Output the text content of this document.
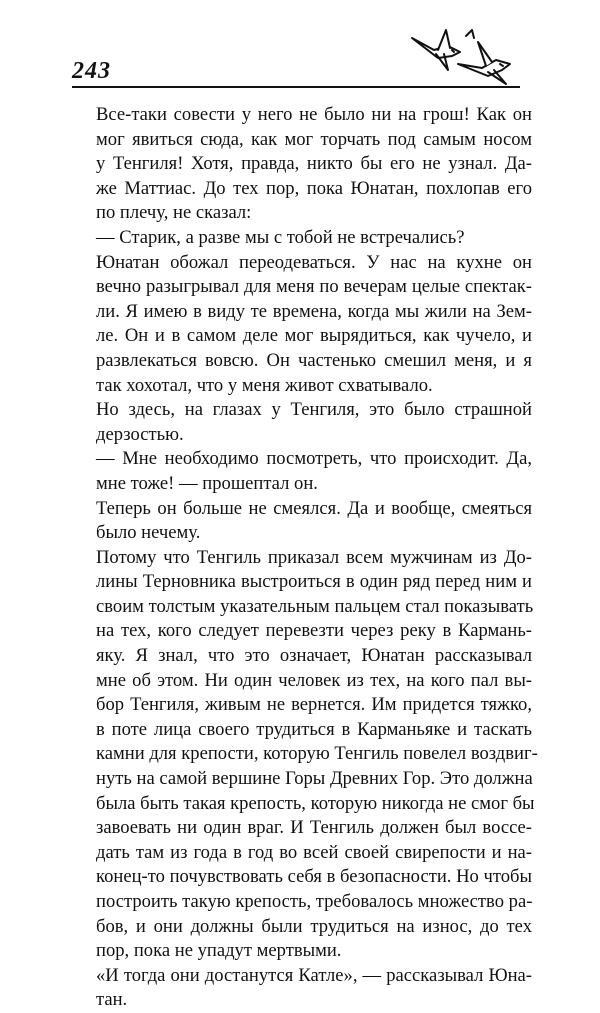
243

Все-таки совести у него не было ни на грош! Как он
мог явиться сюда, как мог торчать под самым носом
у Тенгиля! Хотя, правда, никто бы его не узнал. Да-
же Маттиас. До тех пор, пока Юнатан, похлопав его
по плечу, не сказал:

— Старик, а разве мы с тобой не встречались?

Юнатан обожал переодеваться. У нас на кухне он
вечно разыгрывал для меня по вечерам целые спектак-
ли. Я имею в виду те времена, когда мы жили на Зем-
ле. Он и в самом деле мог вырядиться, как чучело, и
развлекаться вовсю. Он частенько смешил меня, и я
так хохотал, что у меня живот схватывало.

Но здесь, на глазах у Тенгиля, это было страшной
дерзостью.

— Мне необходимо посмотреть, что происходит. Да,
мне тоже! — прошептал он.

Теперь он больше не смеялся. Да и вообще, смеяться
было нечему.

Потому что Тенгиль приказал всем мужчинам из До-
лины Терновника выстроиться в один ряд перед ним и
своим толстым указательным пальцем стал показывать
на тех, кого следует перевезти через реку в Кармань-
яку. Я знал, что это означает, Юнатан рассказывал
мне об этом. Ни один человек из тех, на кого пал вы-
бор Тенгиля, живым не вернется. Им придется тяжко,
в поте лица своего трудиться в Карманьяке и таскать
камни для крепости, которую Тенгиль повелел воздвиг-
нуть на самой вершине Горы Древних Гор. Это должна
была быть такая крепость, которую никогда не смог бы
завоевать ни один враг. И Тенгиль должен был воссе-
дать там из года в год во всей своей свирепости и на-
конец-то почувствовать себя в безопасности. Но чтобы
построить такую крепость, требовалось множество ра-
бов, и они должны были трудиться на износ, до тех
пор, пока не упадут мертвыми.

«И тогда они достанутся Катле», — рассказывал Юна-
тан.
